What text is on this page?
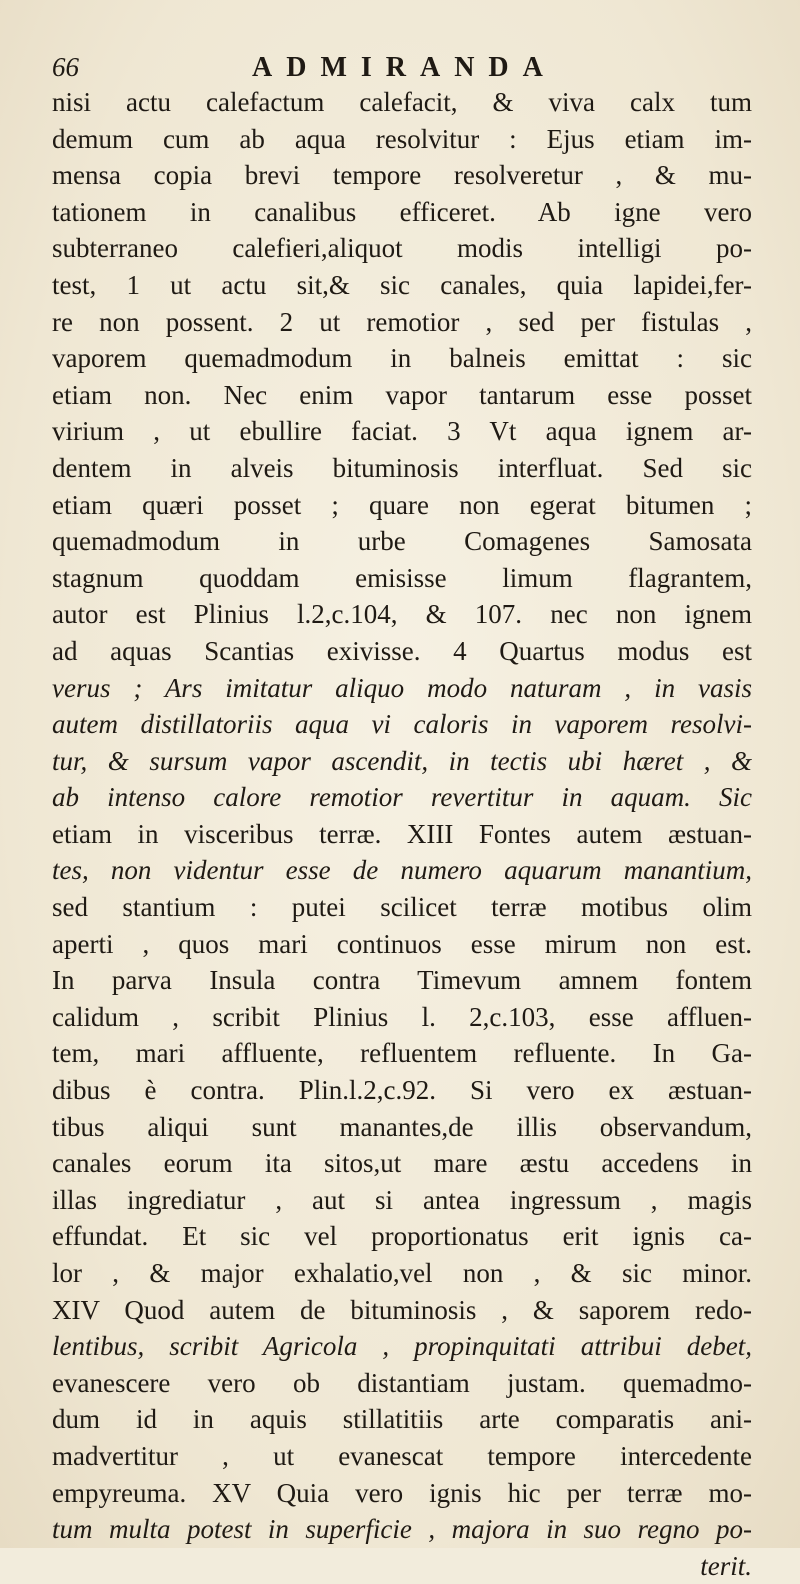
66	ADMIRANDA
nisi actu calefactum calefacit, & viva calx tum
demum cum ab aqua resolvitur : Ejus etiam im-
mensa copia brevi tempore resolveretur , & mu-
tationem in canalibus efficeret. Ab igne vero
subterraneo calefieri,aliquot modis intelligi po-
test, 1 ut actu sit,& sic canales, quia lapidei,fer-
re non possent. 2 ut remotior , sed per fistulas ,
vaporem quemadmodum in balneis emittat : sic
etiam non. Nec enim vapor tantarum esse posset
virium , ut ebullire faciat. 3 Vt aqua ignem ar-
dentem in alveis bituminosis interfluat. Sed sic
etiam quæri posset ; quare non egerat bitumen ;
quemadmodum in urbe Comagenes Samosata
stagnum quoddam emisisse limum flagrantem,
autor est Plinius l.2,c.104, & 107. nec non ignem
ad aquas Scantias exivisse. 4 Quartus modus est
verus ; Ars imitatur aliquo modo naturam , in vasis
autem distillatoriis aqua vi caloris in vaporem resolvi-
tur, & sursum vapor ascendit, in tectis ubi hæret , &
ab intenso calore remotior revertitur in aquam. Sic
etiam in visceribus terræ. XIII Fontes autem æstuan-
tes, non videntur esse de numero aquarum manantium,
sed stantium : putei scilicet terræ motibus olim
aperti , quos mari continuos esse mirum non est.
In parva Insula contra Timevum amnem fontem
calidum , scribit Plinius l. 2,c.103, esse affluen-
tem, mari affluente, refluentem refluente. In Ga-
dibus è contra. Plin.l.2,c.92. Si vero ex æstuan-
tibus aliqui sunt manantes,de illis observandum,
canales eorum ita sitos,ut mare æstu accedens in
illas ingrediatur , aut si antea ingressum , magis
effundat. Et sic vel proportionatus erit ignis ca-
lor , & major exhalatio,vel non , & sic minor.
XIV Quod autem de bituminosis , & saporem redo-
lentibus, scribit Agricola , propinquitati attribui debet,
evanescere vero ob distantiam justam. quemadmo-
dum id in aquis stillatitiis arte comparatis ani-
madvertitur , ut evanescat tempore intercedente
empyreuma. XV Quia vero ignis hic per terræ mo-
tum multa potest in superficie , majora in suo regno po-
terit.
